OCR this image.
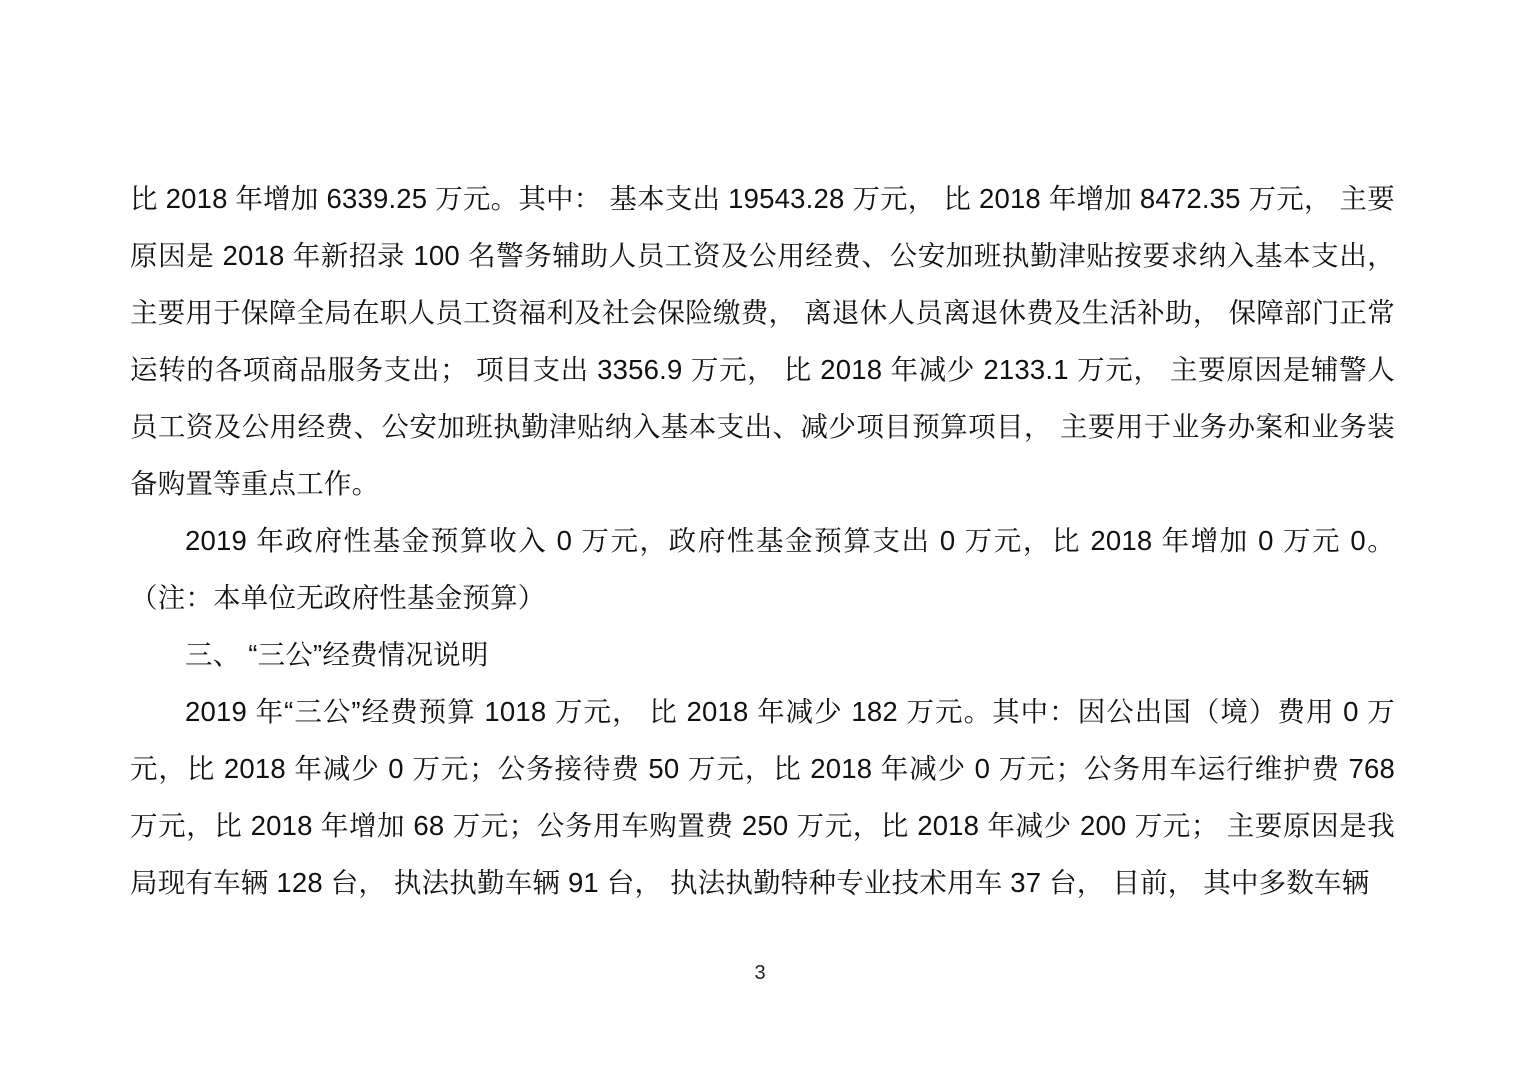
比 2018 年增加 6339.25 万元。其中： 基本支出 19543.28 万元， 比 2018 年增加 8472.35 万元， 主要原因是 2018 年新招录 100 名警务辅助人员工资及公用经费、公安加班执勤津贴按要求纳入基本支出，主要用于保障全局在职人员工资福利及社会保险缴费， 离退休人员离退休费及生活补助， 保障部门正常运转的各项商品服务支出； 项目支出 3356.9 万元， 比 2018 年减少 2133.1 万元， 主要原因是辅警人员工资及公用经费、公安加班执勤津贴纳入基本支出、减少项目预算项目， 主要用于业务办案和业务装备购置等重点工作。

2019 年政府性基金预算收入 0 万元，政府性基金预算支出 0 万元，比 2018 年增加 0 万元 0。（注：本单位无政府性基金预算）

三、 “三公”经费情况说明

2019 年“三公”经费预算 1018 万元， 比 2018 年减少 182 万元。其中：因公出国（境）费用 0 万元，比 2018 年减少 0 万元；公务接待费 50 万元，比 2018 年减少 0 万元；公务用车运行维护费 768 万元，比 2018 年增加 68 万元；公务用车购置费 250 万元，比 2018 年减少 200 万元； 主要原因是我局现有车辆 128 台， 执法执勤车辆 91 台， 执法执勤特种专业技术用车 37 台， 目前， 其中多数车辆

3
